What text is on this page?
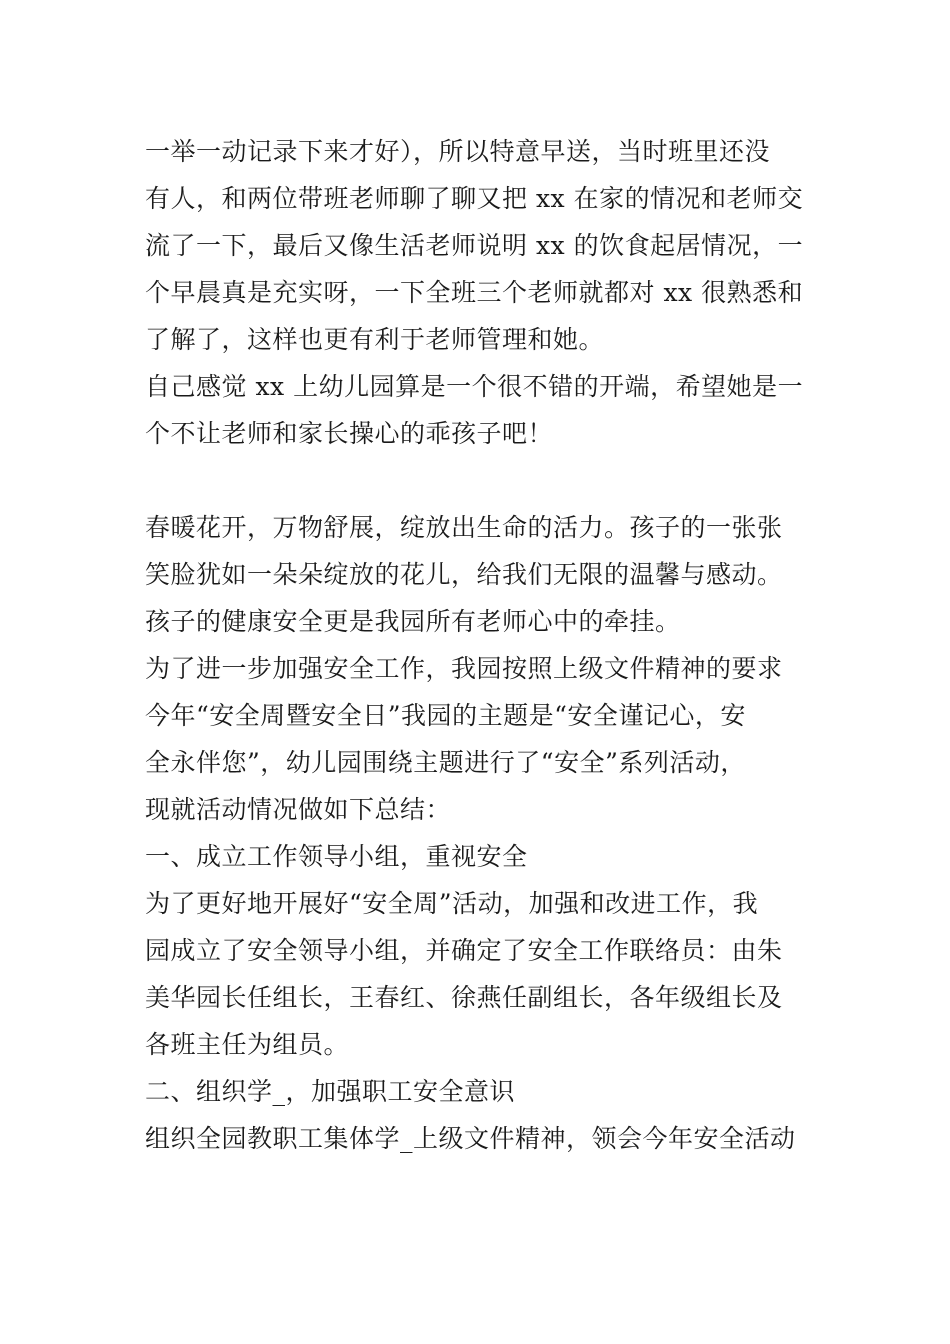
一举一动记录下来才好），所以特意早送，当时班里还没
有人，和两位带班老师聊了聊又把 xx 在家的情况和老师交
流了一下，最后又像生活老师说明 xx 的饮食起居情况，一
个早晨真是充实呀，一下全班三个老师就都对 xx 很熟悉和
了解了，这样也更有利于老师管理和她。
自己感觉 xx 上幼儿园算是一个很不错的开端，希望她是一
个不让老师和家长操心的乖孩子吧！
春暖花开，万物舒展，绽放出生命的活力。孩子的一张张
笑脸犹如一朵朵绽放的花儿，给我们无限的温馨与感动。
孩子的健康安全更是我园所有老师心中的牵挂。
为了进一步加强安全工作，我园按照上级文件精神的要求
今年“安全周暨安全日”我园的主题是“安全谨记心，安
全永伴您”，幼儿园围绕主题进行了“安全”系列活动，
现就活动情况做如下总结：
一、成立工作领导小组，重视安全
为了更好地开展好“安全周”活动，加强和改进工作，我
园成立了安全领导小组，并确定了安全工作联络员：由朱
美华园长任组长，王春红、徐燕任副组长，各年级组长及
各班主任为组员。
二、组织学_，加强职工安全意识
组织全园教职工集体学_上级文件精神，领会今年安全活动
